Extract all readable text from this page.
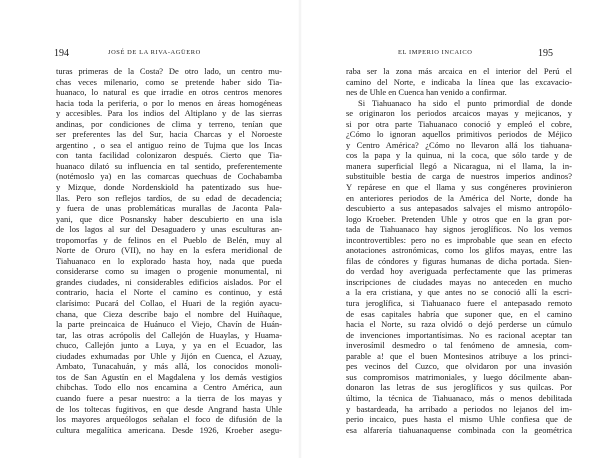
194	JOSÉ DE LA RIVA-AGÜERO
turas primeras de la Costa? De otro lado, un centro mu-
chas veces milenario, como se pretende haber sido Tia-
huanaco, lo natural es que irradie en otros centros menores
hacia toda la periferia, o por lo menos en áreas homogéneas
y accesibles. Para los indios del Altiplano y de las sierras
andinas, por condiciones de clima y terreno, tenían que
ser preferentes las del Sur, hacia Charcas y el Noroeste
argentino , o sea el antiguo reino de Tujma que los Incas
con tanta facilidad colonizaron después. Cierto que Tia-
huanaco dilató su influencia en tal sentido, preferentemente
(notémoslo ya) en las comarcas quechuas de Cochabamba
y Mizque, donde Nordenskiold ha patentizado sus hue-
llas. Pero son reflejos tardíos, de su edad de decadencia;
y fuera de unas problemáticas murallas de Jaconta Pala-
yani, que dice Posnansky haber descubierto en una isla
de los lagos al sur del Desaguadero y unas esculturas an-
tropomorfas y de felinos en el Pueblo de Belén, muy al
Norte de Oruro (VII), no hay en la esfera meridional de
Tiahuanaco en lo explorado hasta hoy, nada que pueda
considerarse como su imagen o progenie monumental, ni
grandes ciudades, ni considerables edificios aislados. Por el
contrario, hacia el Norte el camino es continuo, y está
clarísimo: Pucará del Collao, el Huari de la región ayacu-
chana, que Cieza describe bajo el nombre del Huiñaque,
la parte preincaica de Huánuco el Viejo, Chavín de Huán-
tar, las otras acrópolis del Callejón de Huaylas, y Huama-
chuco, Callejón junto a Luya, y ya en el Ecuador, las
ciudades exhumadas por Uhle y Jijón en Cuenca, el Azuay,
Ambato, Tunacahuán, y más allá, los conocidos monoli-
tos de San Agustín en el Magdalena y los demás vestigios
chibchas. Todo ello nos encamina a Centro América, aun
cuando fuere a pesar nuestro: a la tierra de los mayas y
de los toltecas fugitivos, en que desde Angrand hasta Uhle
los mayores arqueólogos señalan el foco de difusión de la
cultura megalítica americana. Desde 1926, Kroeber asegu-
195
EL IMPERIO INCAICO
raba ser la zona más arcaica en el interior del Perú el
camino del Norte, e indicaba la línea que las excavacio-
nes de Uhle en Cuenca han venido a confirmar.
Si Tiahuanaco ha sido el punto primordial de donde
se originaron los periodos arcaicos mayas y mejicanos, y
si por otra parte Tiahuanaco conoció y empleó el cobre,
¿Cómo lo ignoran aquellos primitivos periodos de Méjico
y Centro América? ¿Cómo no llevaron allá los tiahuana-
cos la papa y la quinua, ni la coca, que sólo tarde y de
manera superficial llegó a Nicaragua, ni el llama, la in-
substituible bestia de carga de nuestros imperios andinos?
Y repárese en que el llama y sus congéneres provinieron
en anteriores periodos de la América del Norte, donde ha
descubierto a sus antepasados salvajes el mismo antropólo-
logo Kroeber. Pretenden Uhle y otros que en la gran por-
tada de Tiahuanaco hay signos jeroglíficos. No los vemos
incontrovertibles: pero no es improbable que sean en efecto
anotaciones astronómicas, como los glifos mayas, entre las
filas de cóndores y figuras humanas de dicha portada. Sien-
do verdad hoy averiguada perfectamente que las primeras
inscripciones de ciudades mayas no anteceden en mucho
a la era cristiana, y que antes no se conoció allí la escri-
tura jeroglífica, si Tiahuanaco fuere el antepasado remoto
de esas capitales habría que suponer que, en el camino
hacia el Norte, su raza olvidó o dejó perderse un cúmulo
de invenciones importantísimas. No es racional aceptar tan
inverosímil desmedro o tal fenómeno de amnesia, com-
parable a! que el buen Montesinos atribuye a los princi-
pes vecinos del Cuzco, que olvidaron por una invasión
sus compromisos matrimoniales, y luego dócilmente aban-
donaron las letras de sus jeroglíficos y sus quilcas. Por
último, la técnica de Tiahuanaco, más o menos debilitada
y bastardeada, ha arribado a periodos no lejanos del im-
perio incaico, pues hasta el mismo Uhle confiesa que de
esa alfarería tiahuanaquense combinada con la geométrica
